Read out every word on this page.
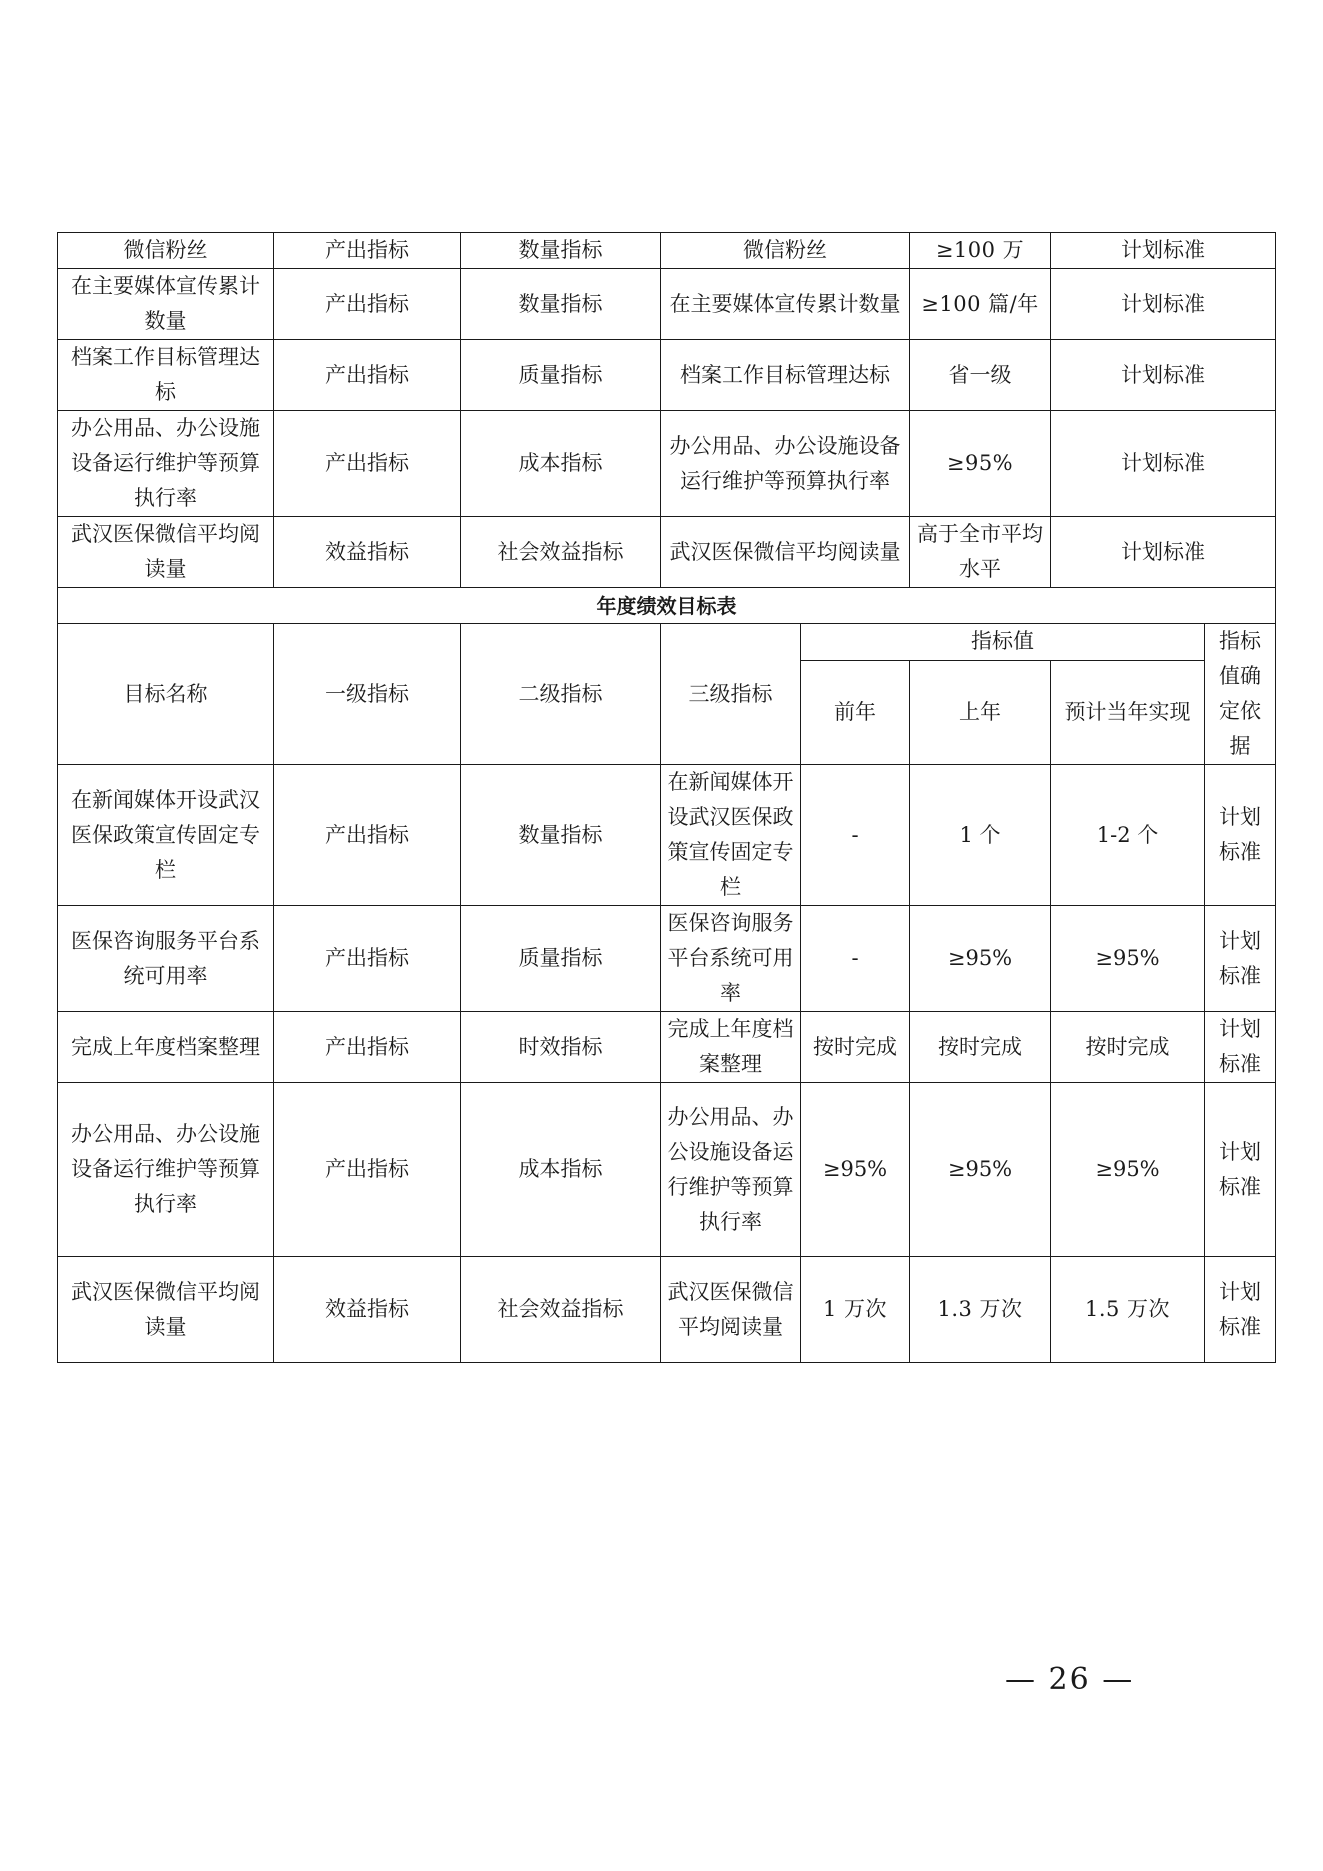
微信粉丝	产出指标	数量指标	微信粉丝		≥100 万	计划标准	
在主要媒体宣传累计数量	产出指标	数量指标	在主要媒体宣传累计数量		≥100 篇/年	计划标准	
档案工作目标管理达标	产出指标	质量指标	档案工作目标管理达标		省一级	计划标准	
办公用品、办公设施设备运行维护等预算执行率	产出指标	成本指标	办公用品、办公设施设备运行维护等预算执行率		≥95%	计划标准	
武汉医保微信平均阅读量	效益指标	社会效益指标	武汉医保微信平均阅读量		高于全市平均水平	计划标准	
年度绩效目标表							
目标名称	一级指标	二级指标	三级指标	指标值			指标值确定依据
				前年	上年	预计当年实现	
在新闻媒体开设武汉医保政策宣传固定专栏	产出指标	数量指标	在新闻媒体开设武汉医保政策宣传固定专栏	-	1 个	1-2 个	计划标准
医保咨询服务平台系统可用率	产出指标	质量指标	医保咨询服务平台系统可用率	-	≥95%	≥95%	计划标准
完成上年度档案整理	产出指标	时效指标	完成上年度档案整理	按时完成	按时完成	按时完成	计划标准
办公用品、办公设施设备运行维护等预算执行率	产出指标	成本指标	办公用品、办公设施设备运行维护等预算执行率	≥95%	≥95%	≥95%	计划标准
武汉医保微信平均阅读量	效益指标	社会效益指标	武汉医保微信平均阅读量	1 万次	1.3 万次	1.5 万次	计划标准
— 26 —
